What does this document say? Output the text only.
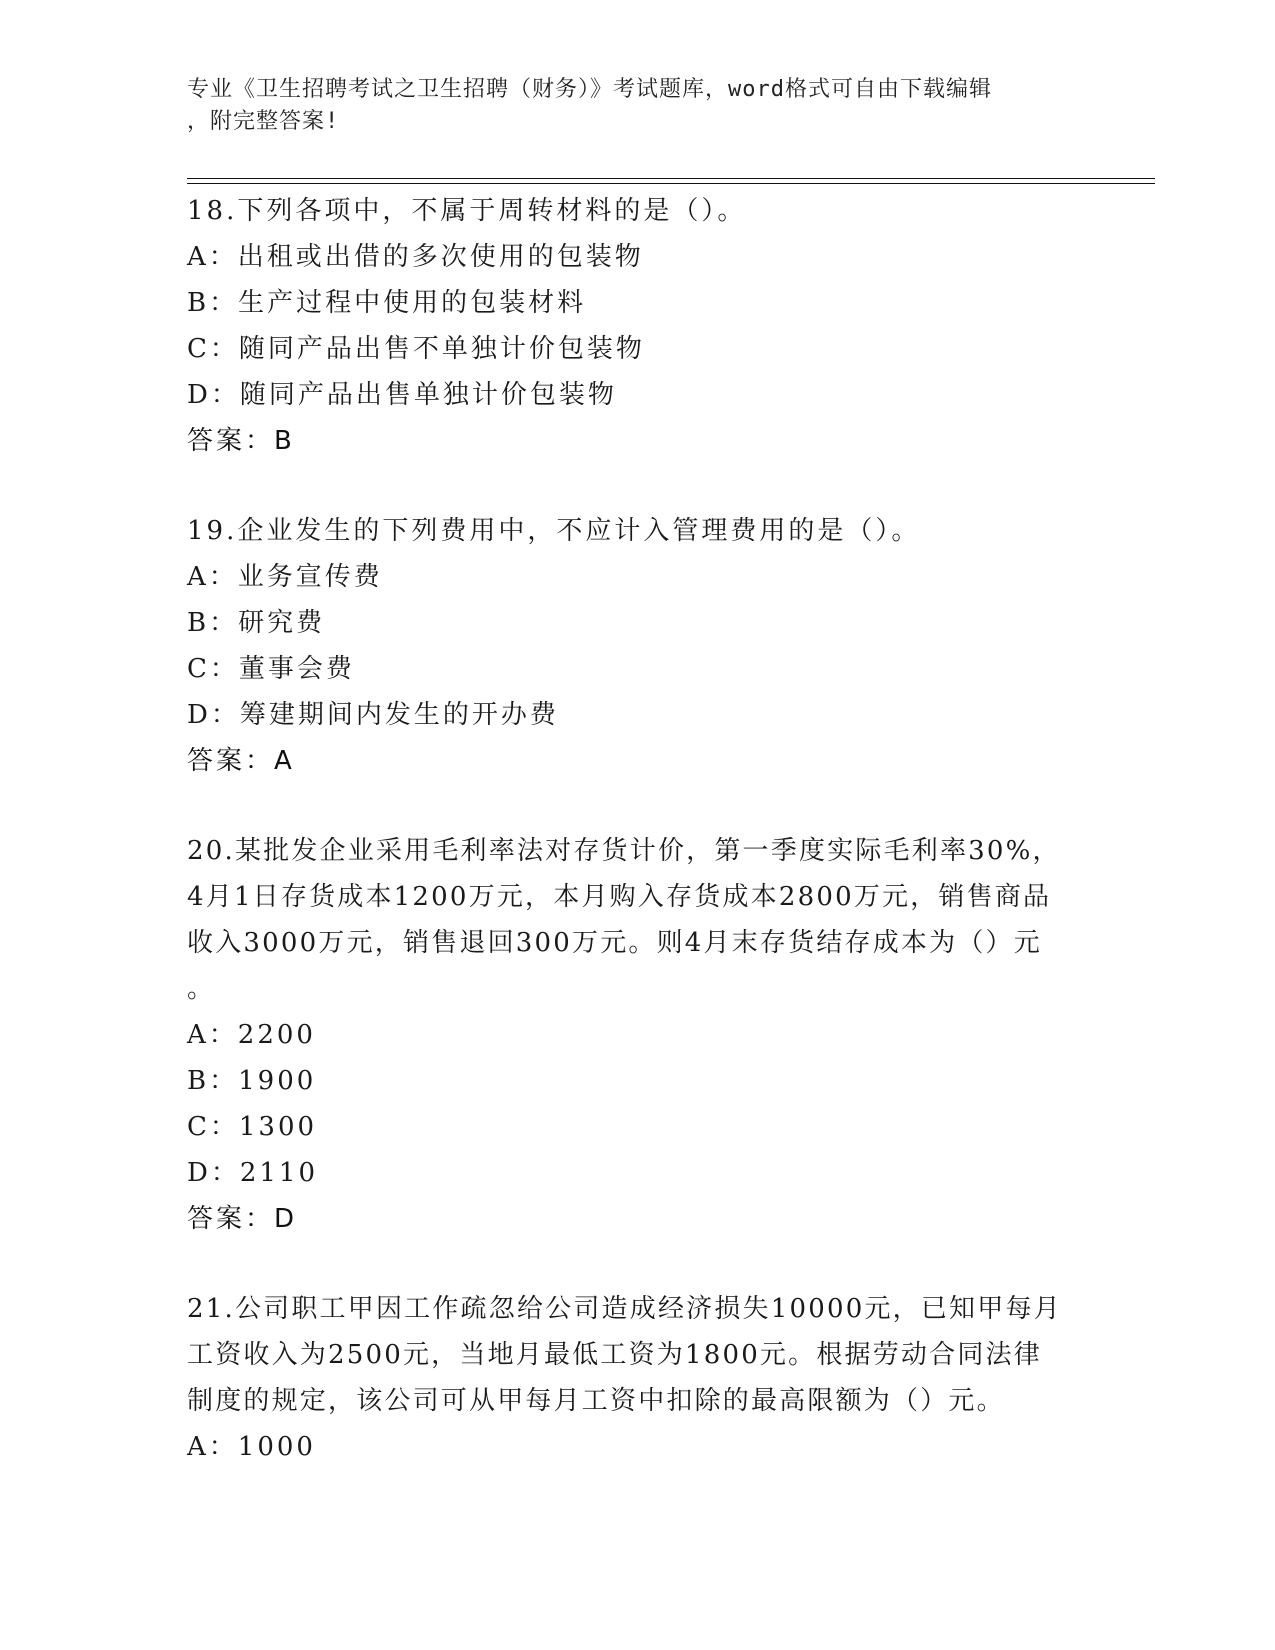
专业《卫生招聘考试之卫生招聘（财务）》考试题库，word格式可自由下载编辑
，附完整答案!
18.下列各项中，不属于周转材料的是（）。
A：出租或出借的多次使用的包装物
B：生产过程中使用的包装材料
C：随同产品出售不单独计价包装物
D：随同产品出售单独计价包装物
答案：B
19.企业发生的下列费用中，不应计入管理费用的是（）。
A：业务宣传费
B：研究费
C：董事会费
D：筹建期间内发生的开办费
答案：A
20.某批发企业采用毛利率法对存货计价，第一季度实际毛利率30%，
4月1日存货成本1200万元，本月购入存货成本2800万元，销售商品
收入3000万元，销售退回300万元。则4月末存货结存成本为（）元
。
A：2200
B：1900
C：1300
D：2110
答案：D
21.公司职工甲因工作疏忽给公司造成经济损失10000元，已知甲每月
工资收入为2500元，当地月最低工资为1800元。根据劳动合同法律
制度的规定，该公司可从甲每月工资中扣除的最高限额为（）元。
A：1000
